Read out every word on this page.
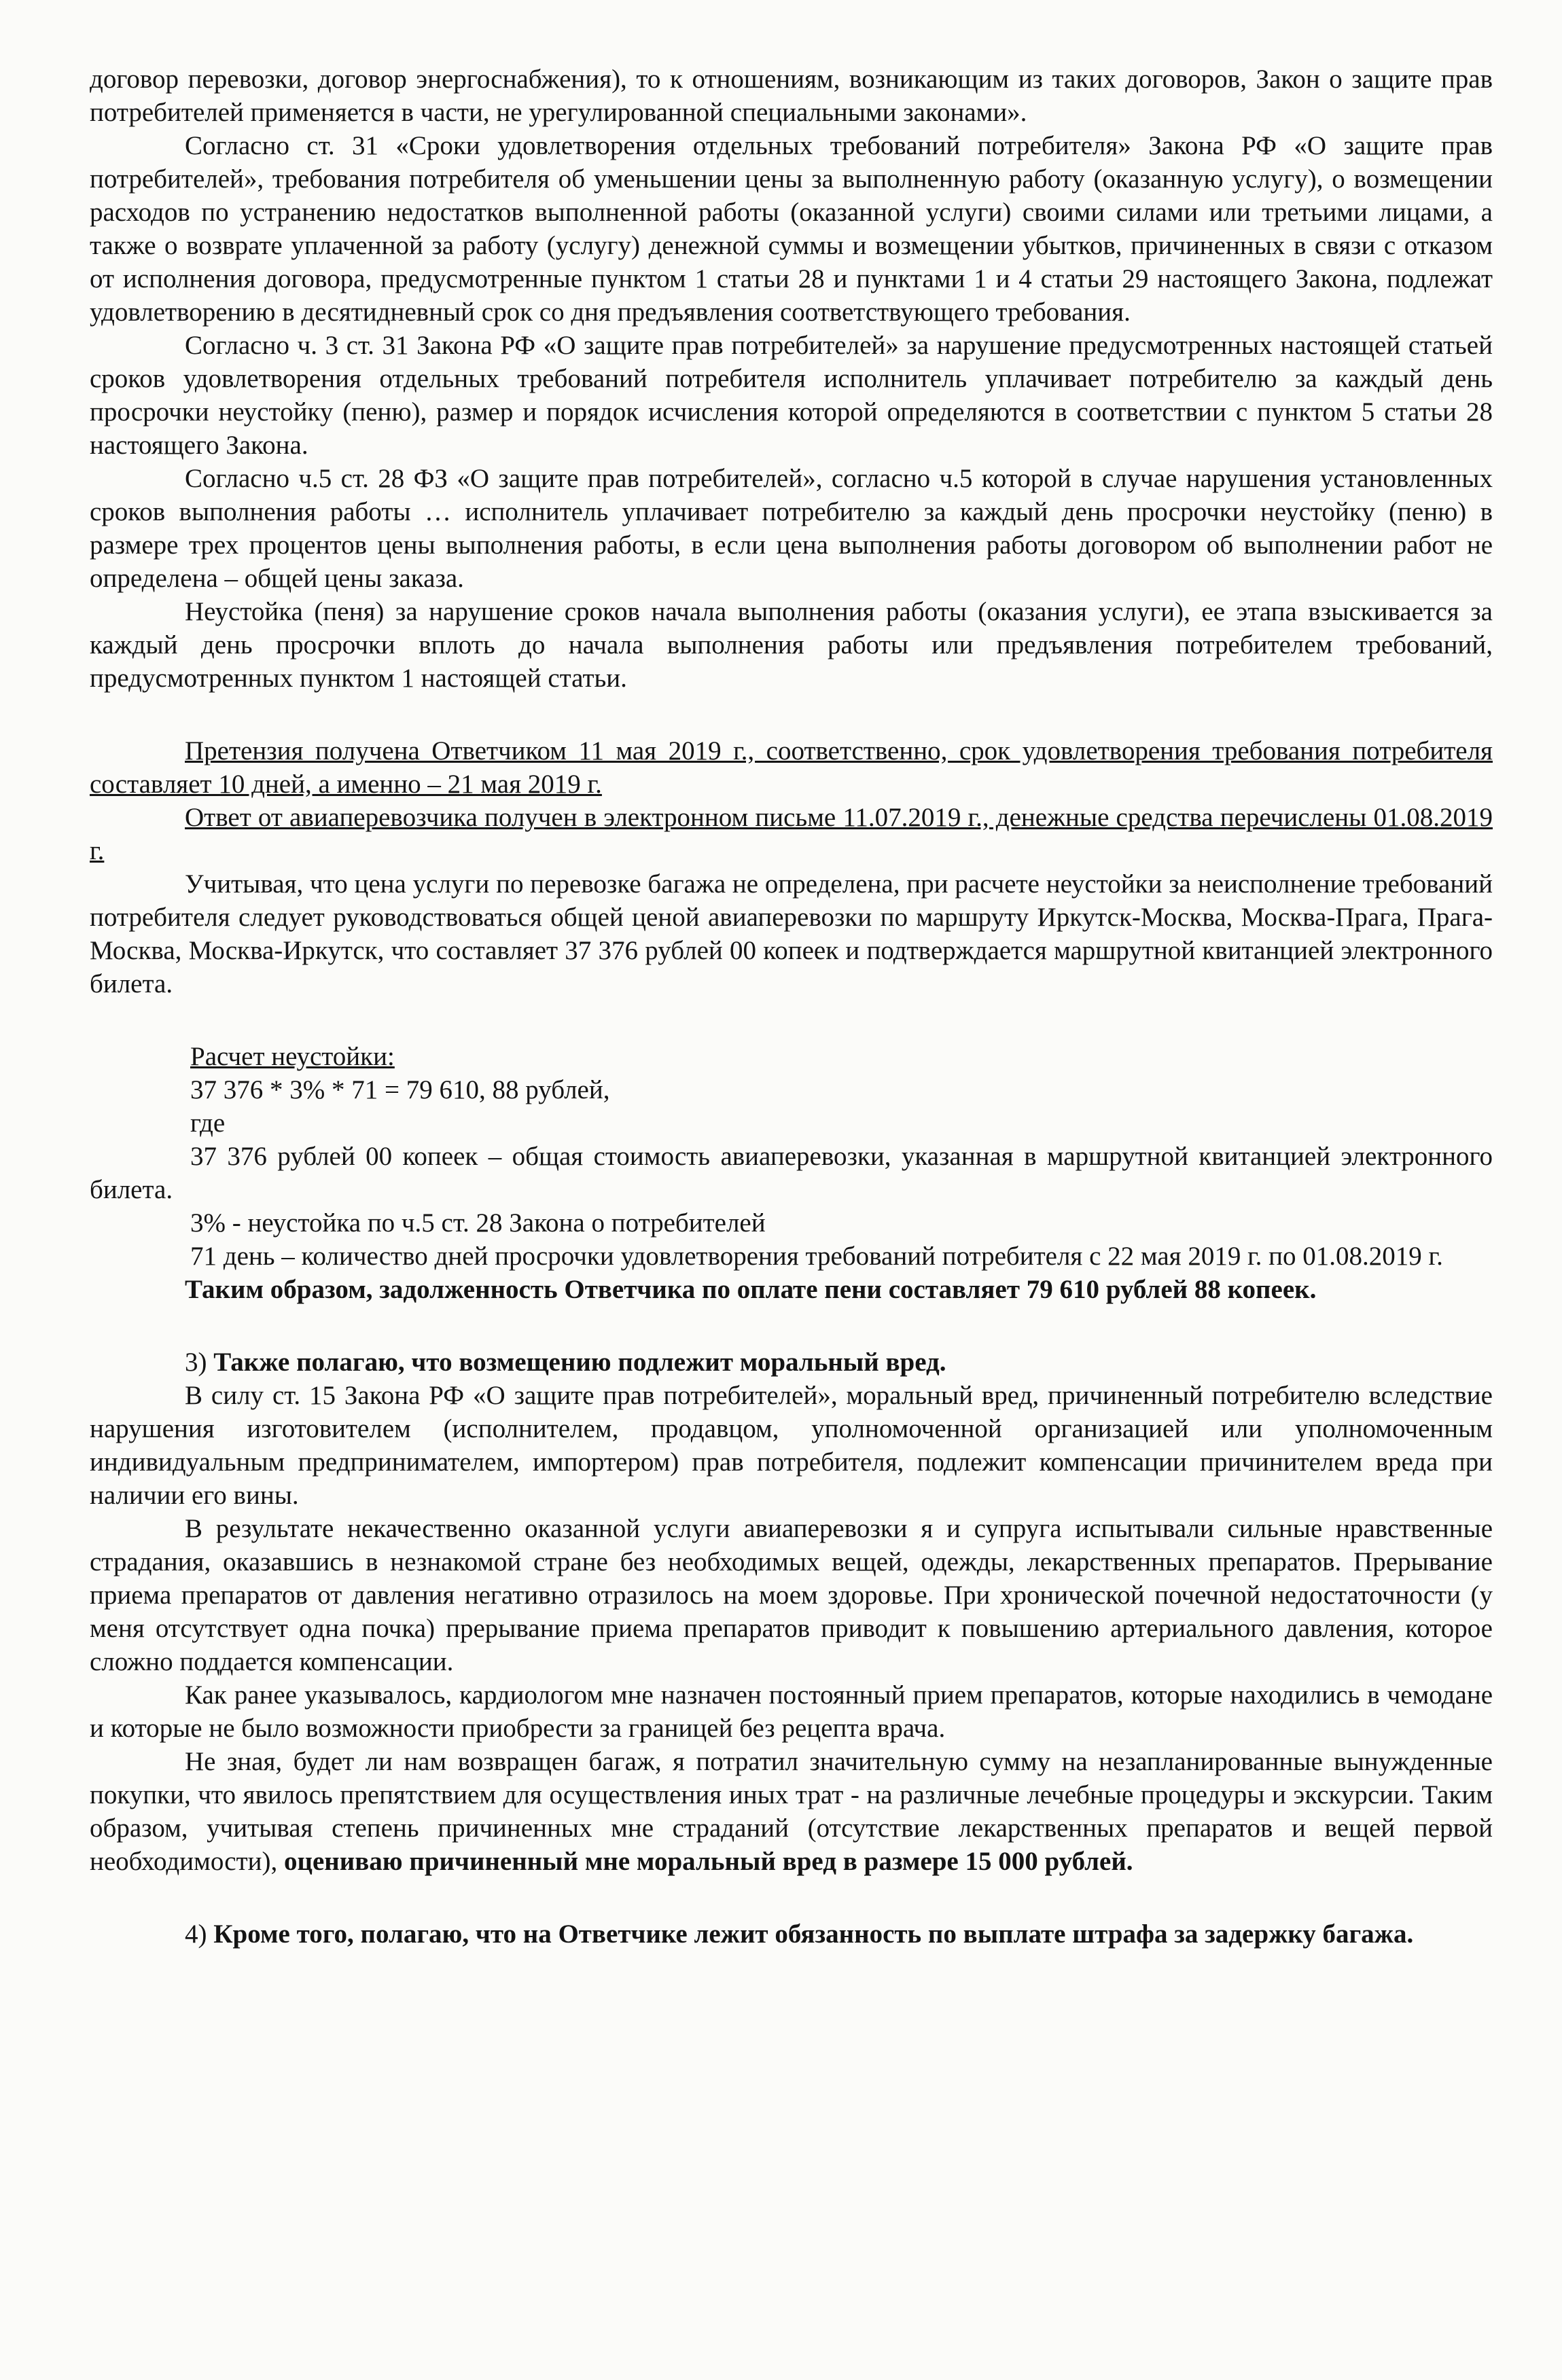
договор перевозки, договор энергоснабжения), то к отношениям, возникающим из таких договоров, Закон о защите прав потребителей применяется в части, не урегулированной специальными законами».

Согласно ст. 31 «Сроки удовлетворения отдельных требований потребителя» Закона РФ «О защите прав потребителей», требования потребителя об уменьшении цены за выполненную работу (оказанную услугу), о возмещении расходов по устранению недостатков выполненной работы (оказанной услуги) своими силами или третьими лицами, а также о возврате уплаченной за работу (услугу) денежной суммы и возмещении убытков, причиненных в связи с отказом от исполнения договора, предусмотренные пунктом 1 статьи 28 и пунктами 1 и 4 статьи 29 настоящего Закона, подлежат удовлетворению в десятидневный срок со дня предъявления соответствующего требования.

Согласно ч. 3 ст. 31 Закона РФ «О защите прав потребителей» за нарушение предусмотренных настоящей статьей сроков удовлетворения отдельных требований потребителя исполнитель уплачивает потребителю за каждый день просрочки неустойку (пеню), размер и порядок исчисления которой определяются в соответствии с пунктом 5 статьи 28 настоящего Закона.

Согласно ч.5 ст. 28 ФЗ «О защите прав потребителей», согласно ч.5 которой в случае нарушения установленных сроков выполнения работы … исполнитель уплачивает потребителю за каждый день просрочки неустойку (пеню) в размере трех процентов цены выполнения работы, в если цена выполнения работы договором об выполнении работ не определена – общей цены заказа.

Неустойка (пеня) за нарушение сроков начала выполнения работы (оказания услуги), ее этапа взыскивается за каждый день просрочки вплоть до начала выполнения работы или предъявления потребителем требований, предусмотренных пунктом 1 настоящей статьи.

Претензия получена Ответчиком 11 мая 2019 г., соответственно, срок удовлетворения требования потребителя составляет 10 дней, а именно – 21 мая 2019 г.

Ответ от авиаперевозчика получен в электронном письме 11.07.2019 г., денежные средства перечислены 01.08.2019 г.

Учитывая, что цена услуги по перевозке багажа не определена, при расчете неустойки за неисполнение требований потребителя следует руководствоваться общей ценой авиаперевозки по маршруту Иркутск-Москва, Москва-Прага, Прага-Москва, Москва-Иркутск, что составляет 37 376 рублей 00 копеек и подтверждается маршрутной квитанцией электронного билета.

Расчет неустойки:

37 376 * 3% * 71 = 79 610, 88 рублей,

где

37 376 рублей 00 копеек – общая стоимость авиаперевозки, указанная в маршрутной квитанцией электронного билета.

3% - неустойка по ч.5 ст. 28 Закона о потребителей

71 день – количество дней просрочки удовлетворения требований потребителя с 22 мая 2019 г. по 01.08.2019 г.

Таким образом, задолженность Ответчика по оплате пени составляет 79 610 рублей 88 копеек.

3) Также полагаю, что возмещению подлежит моральный вред.

В силу ст. 15 Закона РФ «О защите прав потребителей», моральный вред, причиненный потребителю вследствие нарушения изготовителем (исполнителем, продавцом, уполномоченной организацией или уполномоченным индивидуальным предпринимателем, импортером) прав потребителя, подлежит компенсации причинителем вреда при наличии его вины.

В результате некачественно оказанной услуги авиаперевозки я и супруга испытывали сильные нравственные страдания, оказавшись в незнакомой стране без необходимых вещей, одежды, лекарственных препаратов. Прерывание приема препаратов от давления негативно отразилось на моем здоровье. При хронической почечной недостаточности (у меня отсутствует одна почка) прерывание приема препаратов приводит к повышению артериального давления, которое сложно поддается компенсации.

Как ранее указывалось, кардиологом мне назначен постоянный прием препаратов, которые находились в чемодане и которые не было возможности приобрести за границей без рецепта врача.

Не зная, будет ли нам возвращен багаж, я потратил значительную сумму на незапланированные вынужденные покупки, что явилось препятствием для осуществления иных трат - на различные лечебные процедуры и экскурсии. Таким образом, учитывая степень причиненных мне страданий (отсутствие лекарственных препаратов и вещей первой необходимости), оцениваю причиненный мне моральный вред в размере 15 000 рублей.

4) Кроме того, полагаю, что на Ответчике лежит обязанность по выплате штрафа за задержку багажа.
